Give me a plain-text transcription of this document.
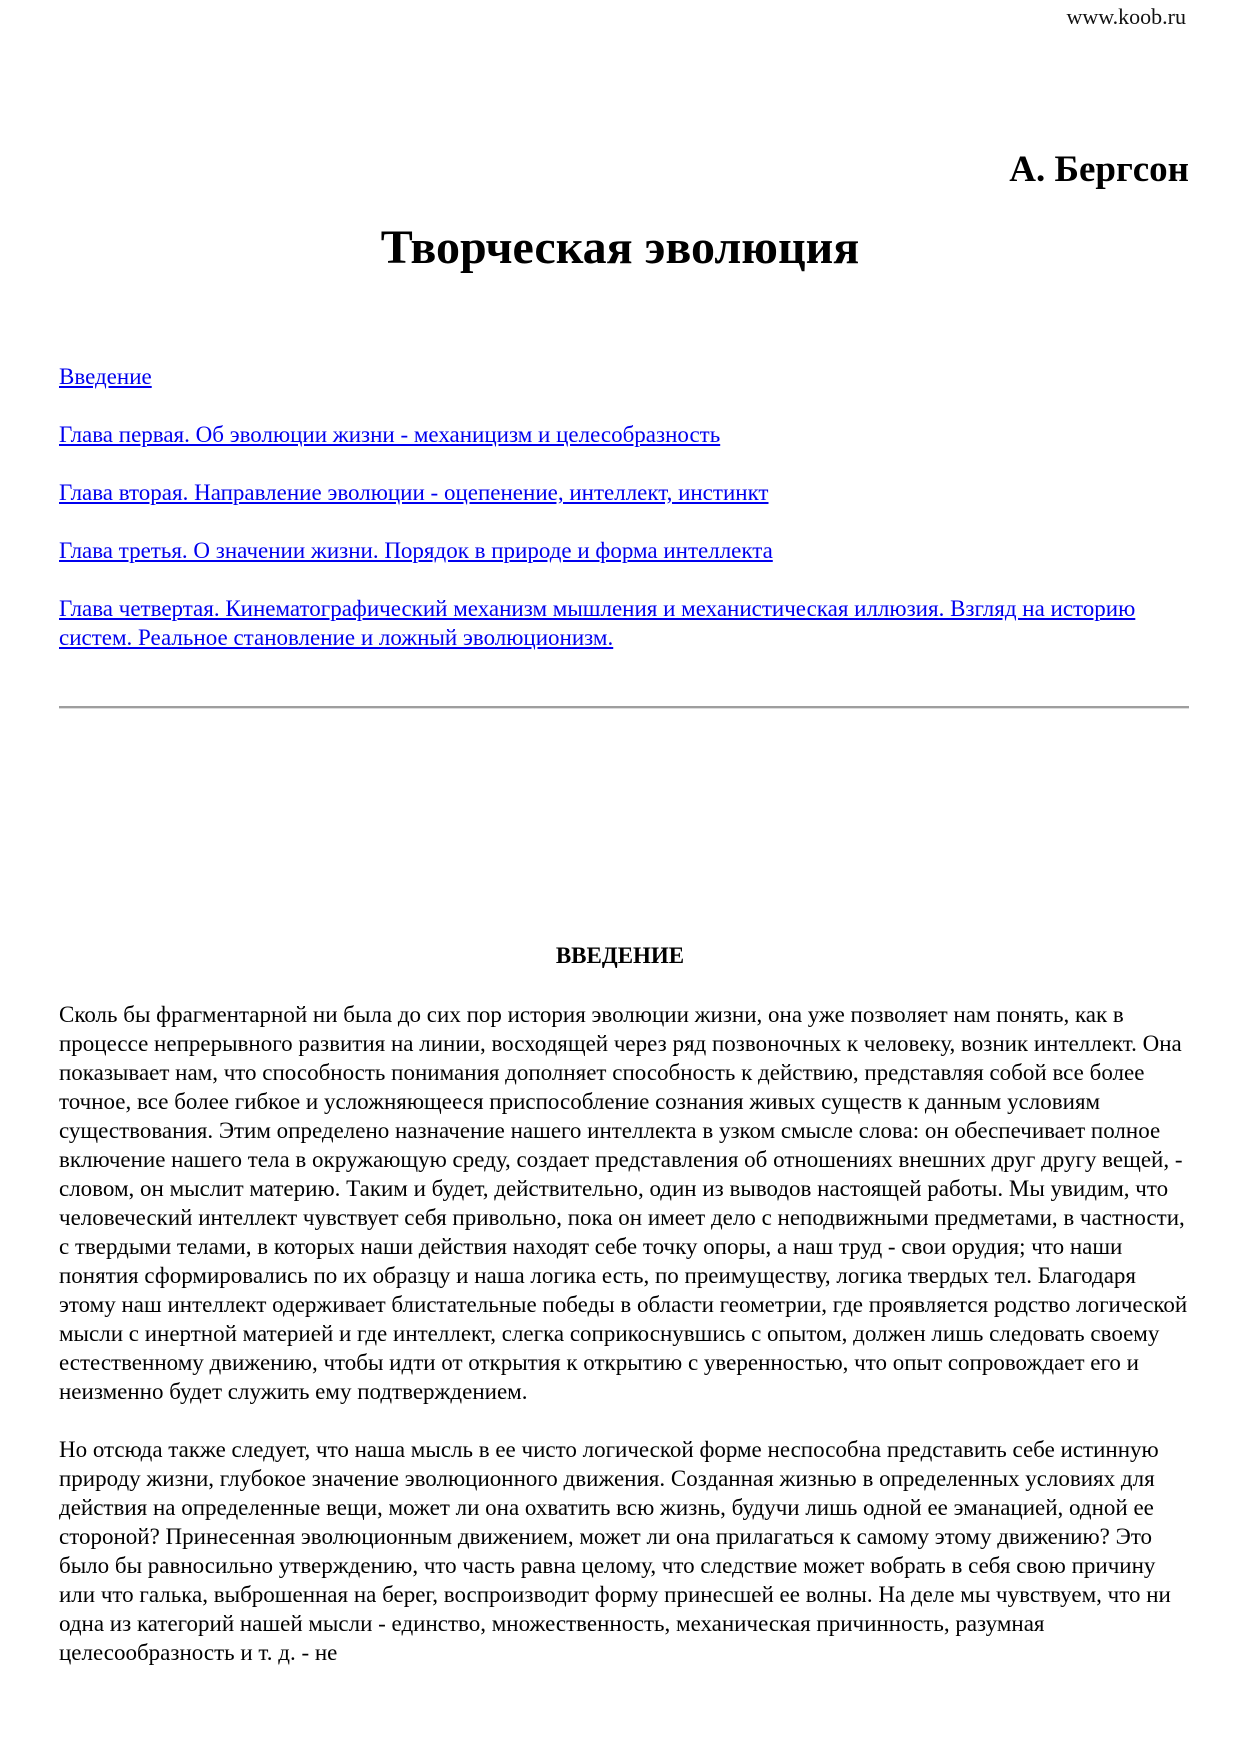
www.koob.ru
А. Бергсон
Творческая эволюция
Введение
Глава первая. Об эволюции жизни - механицизм и целесобразность
Глава вторая. Направление эволюции - оцепенение, интеллект, инстинкт
Глава третья. О значении жизни. Порядок в природе и форма интеллекта
Глава четвертая. Кинематографический механизм мышления и механистическая иллюзия. Взгляд на историю систем. Реальное становление и ложный эволюционизм.
ВВЕДЕНИЕ

Сколь бы фрагментарной ни была до сих пор история эволюции жизни, она уже позволяет нам понять, как в процессе непрерывного развития на линии, восходящей через ряд позвоночных к человеку, возник интеллект. Она показывает нам, что способность понимания дополняет способность к действию, представляя собой все более точное, все более гибкое и усложняющееся приспособление сознания живых существ к данным условиям существования. Этим определено назначение нашего интеллекта в узком смысле слова: он обеспечивает полное включение нашего тела в окружающую среду, создает представления об отношениях внешних друг другу вещей, - словом, он мыслит материю. Таким и будет, действительно, один из выводов настоящей работы. Мы увидим, что человеческий интеллект чувствует себя привольно, пока он имеет дело с неподвижными предметами, в частности, с твердыми телами, в которых наши действия находят себе точку опоры, а наш труд - свои орудия; что наши понятия сформировались по их образцу и наша логика есть, по преимуществу, логика твердых тел. Благодаря этому наш интеллект одерживает блистательные победы в области геометрии, где проявляется родство логической мысли с инертной материей и где интеллект, слегка соприкоснувшись с опытом, должен лишь следовать своему естественному движению, чтобы идти от открытия к открытию с уверенностью, что опыт сопровождает его и неизменно будет служить ему подтверждением.

Но отсюда также следует, что наша мысль в ее чисто логической форме неспособна представить себе истинную природу жизни, глубокое значение эволюционного движения. Созданная жизнью в определенных условиях для действия на определенные вещи, может ли она охватить всю жизнь, будучи лишь одной ее эманацией, одной ее стороной? Принесенная эволюционным движением, может ли она прилагаться к самому этому движению? Это было бы равносильно утверждению, что часть равна целому, что следствие может вобрать в себя свою причину или что галька, выброшенная на берег, воспроизводит форму принесшей ее волны. На деле мы чувствуем, что ни одна из категорий нашей мысли - единство, множественность, механическая причинность, разумная целесообразность и т. д. - не
